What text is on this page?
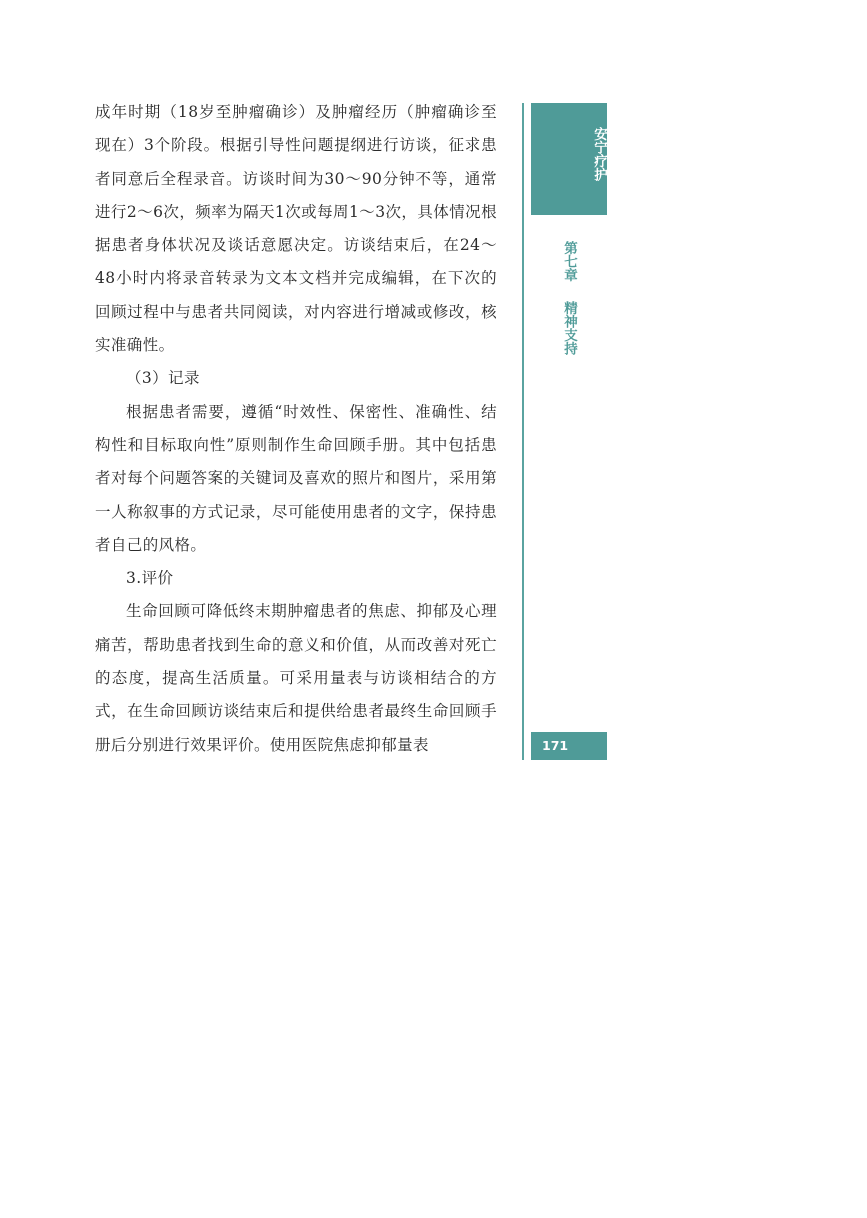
成年时期（18岁至肿瘤确诊）及肿瘤经历（肿瘤确诊至现在）3个阶段。根据引导性问题提纲进行访谈，征求患者同意后全程录音。访谈时间为30～90分钟不等，通常进行2～6次，频率为隔天1次或每周1～3次，具体情况根据患者身体状况及谈话意愿决定。访谈结束后，在24～48小时内将录音转录为文本文档并完成编辑，在下次的回顾过程中与患者共同阅读，对内容进行增减或修改，核实准确性。

（3）记录

根据患者需要，遵循“时效性、保密性、准确性、结构性和目标取向性”原则制作生命回顾手册。其中包括患者对每个问题答案的关键词及喜欢的照片和图片，采用第一人称叙事的方式记录，尽可能使用患者的文字，保持患者自己的风格。

3.评价

生命回顾可降低终末期肿瘤患者的焦虑、抑郁及心理痛苦，帮助患者找到生命的意义和价值，从而改善对死亡的态度，提高生活质量。可采用量表与访谈相结合的方式，在生命回顾访谈结束后和提供给患者最终生命回顾手册后分别进行效果评价。使用医院焦虑抑郁量表

安宁疗护
第七章
精神支持
171
